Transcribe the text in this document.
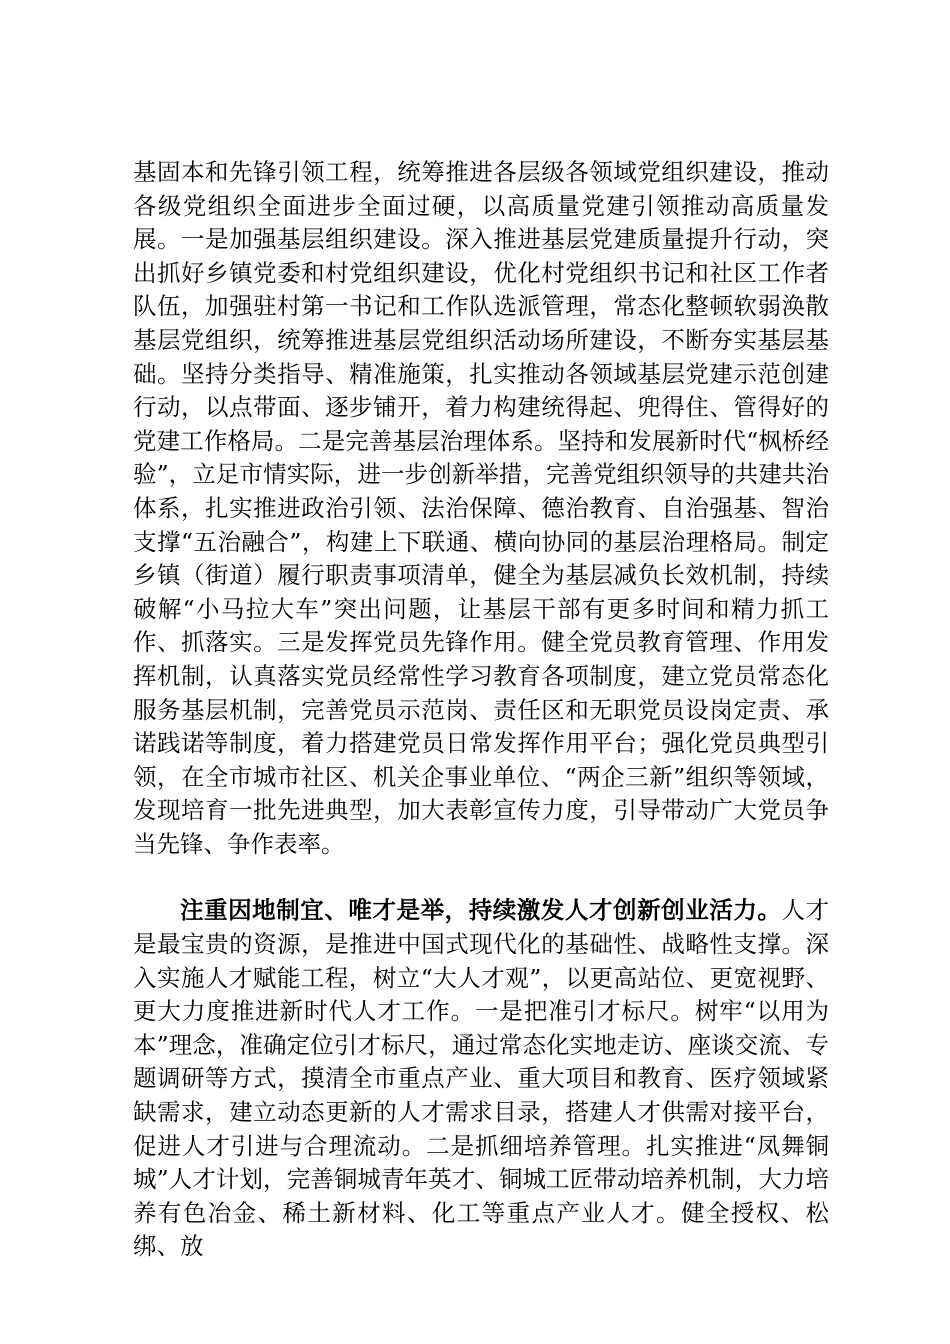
基固本和先锋引领工程，统筹推进各层级各领域党组织建设，推动各级党组织全面进步全面过硬，以高质量党建引领推动高质量发展。一是加强基层组织建设。深入推进基层党建质量提升行动，突出抓好乡镇党委和村党组织建设，优化村党组织书记和社区工作者队伍，加强驻村第一书记和工作队选派管理，常态化整顿软弱涣散基层党组织，统筹推进基层党组织活动场所建设，不断夯实基层基础。坚持分类指导、精准施策，扎实推动各领域基层党建示范创建行动，以点带面、逐步铺开，着力构建统得起、兜得住、管得好的党建工作格局。二是完善基层治理体系。坚持和发展新时代“枫桥经验”，立足市情实际，进一步创新举措，完善党组织领导的共建共治体系，扎实推进政治引领、法治保障、德治教育、自治强基、智治支撑“五治融合”，构建上下联通、横向协同的基层治理格局。制定乡镇（街道）履行职责事项清单，健全为基层减负长效机制，持续破解“小马拉大车”突出问题，让基层干部有更多时间和精力抓工作、抓落实。三是发挥党员先锋作用。健全党员教育管理、作用发挥机制，认真落实党员经常性学习教育各项制度，建立党员常态化服务基层机制，完善党员示范岗、责任区和无职党员设岗定责、承诺践诺等制度，着力搭建党员日常发挥作用平台；强化党员典型引领，在全市城市社区、机关企事业单位、“两企三新”组织等领域，发现培育一批先进典型，加大表彰宣传力度，引导带动广大党员争当先锋、争作表率。

注重因地制宜、唯才是举，持续激发人才创新创业活力。人才是最宝贵的资源，是推进中国式现代化的基础性、战略性支撑。深入实施人才赋能工程，树立“大人才观”，以更高站位、更宽视野、更大力度推进新时代人才工作。一是把准引才标尺。树牢“以用为本”理念，准确定位引才标尺，通过常态化实地走访、座谈交流、专题调研等方式，摸清全市重点产业、重大项目和教育、医疗领域紧缺需求，建立动态更新的人才需求目录，搭建人才供需对接平台，促进人才引进与合理流动。二是抓细培养管理。扎实推进“凤舞铜城”人才计划，完善铜城青年英才、铜城工匠带动培养机制，大力培养有色冶金、稀土新材料、化工等重点产业人才。健全授权、松绑、放
